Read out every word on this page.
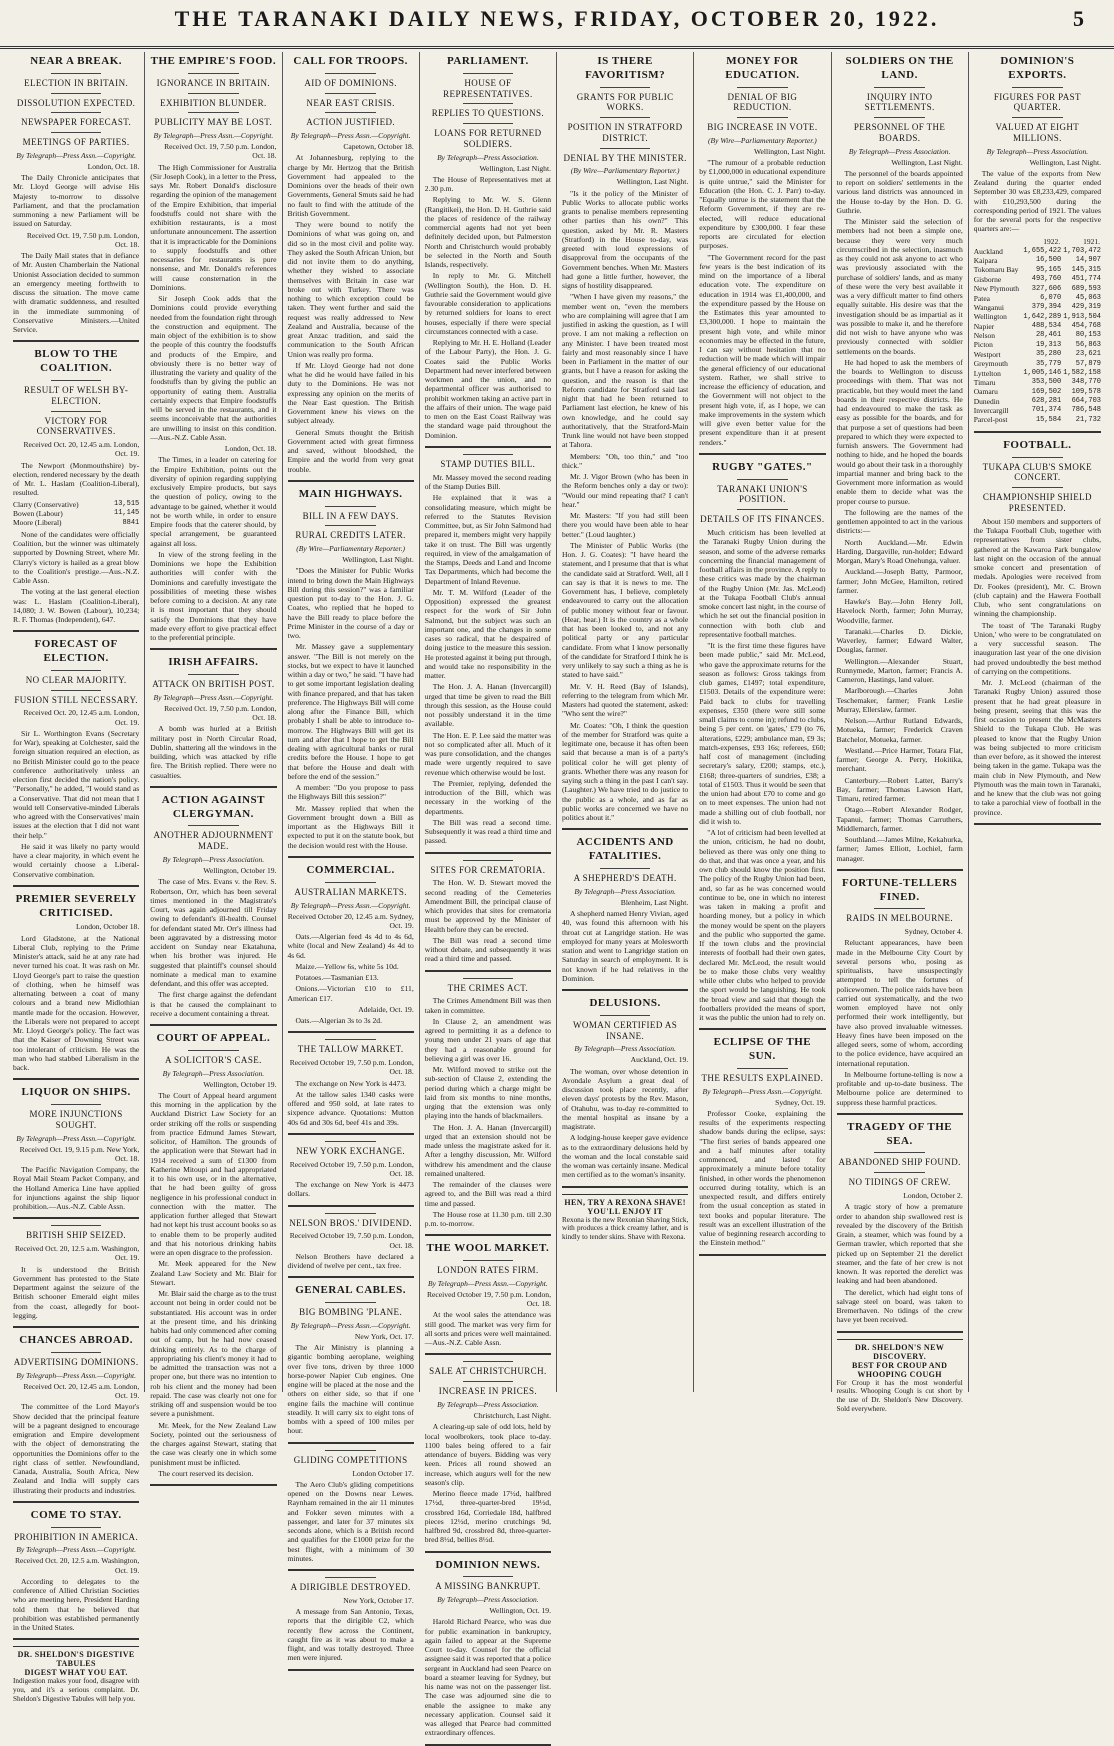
THE TARANAKI DAILY NEWS, FRIDAY, OCTOBER 20, 1922.	5
NEAR A BREAK.
ELECTION IN BRITAIN.
DISSOLUTION EXPECTED.
NEWSPAPER FORECAST.
MEETINGS OF PARTIES.
By Telegraph—Press Assn.—Copyright.

London, Oct. 18.

The Daily Chronicle anticipates that Mr. Lloyd George will advise His Majesty to-morrow to dissolve Parliament, and that the proclamation summoning a new Parliament will be issued on Saturday.

Received Oct. 19, 7.50 p.m. London, Oct. 18.

The Daily Mail states that in defiance of Mr. Austen Chamberlain the National Unionist Association decided to summon an emergency meeting forthwith to discuss the situation. The move came with dramatic suddenness, and resulted in the immediate summoning of Conservative Ministers.—United Service.

BLOW TO THE COALITION.
RESULT OF WELSH BY-ELECTION.
VICTORY FOR CONSERVATIVES.

Received Oct. 20, 12.45 a.m. London, Oct. 19.

The Newport (Monmouthshire) by-election, rendered necessary by the death of Mr. L. Haslam (Coalition-Liberal), resulted.

Clarry (Conservative)	13,515
Bowen (Labour)	11,145
Moore (Liberal)	8841

None of the candidates were officially Coalition, but the winner was ultimately supported by Downing Street, where Mr. Clarry's victory is hailed as a great blow to the Coalition's prestige.—Aus.-N.Z. Cable Assn.

The voting at the last general election was: L. Haslam (Coalition-Liberal), 14,080; J. W. Bowen (Labour), 10,234; R. F. Thomas (Independent), 647.

FORECAST OF ELECTION.
NO CLEAR MAJORITY.
FUSION STILL NECESSARY.

Received Oct. 20, 12.45 a.m. London, Oct. 19.

Sir L. Worthington Evans (Secretary for War), speaking at Colchester, said the foreign situation required an election, as no British Minister could go to the peace conference authoritatively unless an election first decided the nation's policy. "Personally," he added, "I would stand as a Conservative. That did not mean that I would tell Conservative-minded Liberals who agreed with the Conservatives' main issues at the election that I did not want their help."

He said it was likely no party would have a clear majority, in which event he would certainly choose a Liberal-Conservative combination.

PREMIER SEVERELY CRITICISED.

London, October 18.

Lord Gladstone, at the National Liberal Club, replying to the Prime Minister's attack, said he at any rate had never turned his coat. It was rash on Mr. Lloyd George's part to raise the question of clothing, when he himself was alternating between a coat of many colours and a brand new Midlothian mantle made for the occasion. However, the Liberals were not prepared to accept Mr. Lloyd George's policy. The fact was that the Kaiser of Downing Street was too intolerant of criticism. He was the man who had stabbed Liberalism in the back.

LIQUOR ON SHIPS.
MORE INJUNCTIONS SOUGHT.
By Telegraph—Press Assn.—Copyright.

Received Oct. 19, 9.15 p.m. New York, Oct. 18.

The Pacific Navigation Company, the Royal Mail Steam Packet Company, and the Holland America Line have applied for injunctions against the ship liquor prohibition.—Aus.-N.Z. Cable Assn.

BRITISH SHIP SEIZED.

Received Oct. 20, 12.5 a.m. Washington, Oct. 19.

It is understood the British Government has protested to the State Department against the seizure of the British schooner Emerald eight miles from the coast, allegedly for boot-legging.

CHANCES ABROAD.
ADVERTISING DOMINIONS.
By Telegraph—Press Assn.—Copyright.

Received Oct. 20, 12.45 a.m. London, Oct. 19.

The committee of the Lord Mayor's Show decided that the principal feature will be a pageant designed to encourage emigration and Empire development with the object of demonstrating the opportunities the Dominions offer to the right class of settler. Newfoundland, Canada, Australia, South Africa, New Zealand and India will supply cars illustrating their products and industries.

COME TO STAY.
PROHIBITION IN AMERICA.
By Telegraph—Press Assn.—Copyright.

Received Oct. 20, 12.5 a.m. Washington, Oct. 19.

According to delegates to the conference of Allied Christian Societies who are meeting here, President Harding told them that he believed that prohibition was established permanently in the United States.

DR. SHELDON'S DIGESTIVE TABULES
DIGEST WHAT YOU EAT.
Indigestion makes your food, disagree with you, and it's a serious complaint. Dr. Sheldon's Digestive Tabules will help you.
THE EMPIRE'S FOOD.
IGNORANCE IN BRITAIN.
EXHIBITION BLUNDER.
PUBLICITY MAY BE LOST.
By Telegraph—Press Assn.—Copyright.

Received Oct. 19, 7.50 p.m. London, Oct. 18.

The High Commissioner for Australia (Sir Joseph Cook), in a letter to the Press, says Mr. Robert Donald's disclosure regarding the opinion of the management of the Empire Exhibition, that imperial foodstuffs could not share with the exhibition restaurants, is a most unfortunate announcement. The assertion that it is impracticable for the Dominions to supply foodstuffs and other necessaries for restaurants is pure nonsense, and Mr. Donald's references will cause consternation in the Dominions.

Sir Joseph Cook adds that the Dominions could provide everything needed from the foundation right through the construction and equipment. The main object of the exhibition is to show the people of this country the foodstuffs and products of the Empire, and obviously there is no better way of illustrating the variety and quality of the foodstuffs than by giving the public an opportunity of eating them. Australia certainly expects that Empire foodstuffs will be served in the restaurants, and it seems inconceivable that the authorities are unwilling to insist on this condition.—Aus.-N.Z. Cable Assn.

London, Oct. 18.

The Times, in a leader on catering for the Empire Exhibition, points out the diversity of opinion regarding supplying exclusively Empire products, but says the question of policy, owing to the advantage to be gained, whether it would not be worth while, in order to ensure Empire foods that the caterer should, by special arrangement, be guaranteed against all loss.

In view of the strong feeling in the Dominions we hope the Exhibition authorities will confer with the Dominions and carefully investigate the possibilities of meeting these wishes before coming to a decision. At any rate it is most important that they should satisfy the Dominions that they have made every effort to give practical effect to the preferential principle.

IRISH AFFAIRS.
ATTACK ON BRITISH POST.
By Telegraph—Press Assn.—Copyright.

Received Oct. 19, 7.50 p.m. London, Oct. 18.

A bomb was hurled at a British military post in North Circular Road, Dublin, shattering all the windows in the building, which was attacked by rifle fire. The British replied. There were no casualties.

ACTION AGAINST CLERGYMAN.
ANOTHER ADJOURNMENT MADE.
By Telegraph—Press Association.

Wellington, October 19.

The case of Mrs. Evans v. the Rev. S. Robertson, Orr, which has been several times mentioned in the Magistrate's Court, was again adjourned till Friday owing to defendant's ill-health. Counsel for defendant stated Mr. Orr's illness had been aggravated by a distressing motor accident on Sunday near Ekatahuna, when his brother was injured. He suggested that plaintiff's counsel should nominate a medical man to examine defendant, and this offer was accepted.

The first charge against the defendant is that he caused the complainant to receive a document containing a threat.

COURT OF APPEAL.
A SOLICITOR'S CASE.
By Telegraph—Press Association.

Wellington, October 19.

The Court of Appeal heard argument this morning in the application by the Auckland District Law Society for an order striking off the rolls or suspending from practice Edmund James Stewart, solicitor, of Hamilton. The grounds of the application were that Stewart had in 1914 received a sum of £1300 from Katherine Mitoupi and had appropriated it to his own use, or in the alternative, that he had been guilty of gross negligence in his professional conduct in connection with the matter. The application further alleged that Stewart had not kept his trust account books so as to enable them to be properly audited and that his notorious drinking habits were an open disgrace to the profession.

Mr. Meek appeared for the New Zealand Law Society and Mr. Blair for Stewart.

Mr. Blair said the charge as to the trust account not being in order could not be substantiated. His account was in order at the present time, and his drinking habits had only commenced after coming out of camp, but he had now ceased drinking entirely. As to the charge of appropriating his client's money it had to be admitted the transaction was not a proper one, but there was no intention to rob his client and the money had been repaid. The case was clearly not one for striking off and suspension would be too severe a punishment.

Mr. Meek, for the New Zealand Law Society, pointed out the seriousness of the charges against Stewart, stating that the case was clearly one in which some punishment must be inflicted.

The court reserved its decision.

CALL FOR TROOPS.
AID OF DOMINIONS.
NEAR EAST CRISIS.
ACTION JUSTIFIED.
By Telegraph—Press Assn.—Copyright.

Capetown, October 18.

At Johannesburg, replying to the charge by Mr. Hertzog that the British Government had appealed to the Dominions over the heads of their own Governments, General Smuts said he had no fault to find with the attitude of the British Government.

They were bound to notify the Dominions of what was going on, and did so in the most civil and polite way. They asked the South African Union, but did not invite them to do anything, whether they wished to associate themselves with Britain in case war broke out with Turkey. There was nothing to which exception could be taken. They went further and said the request was really addressed to New Zealand and Australia, because of the great Anzac tradition, and said the communication to the South African Union was really pro forma.

If Mr. Lloyd George had not done what he did he would have failed in his duty to the Dominions. He was not expressing any opinion on the merits of the Near East question. The British Government knew his views on the subject already.

General Smuts thought the British Government acted with great firmness and saved, without bloodshed, the Empire and the world from very great trouble.

MAIN HIGHWAYS.
BILL IN A FEW DAYS.
RURAL CREDITS LATER.
(By Wire—Parliamentary Reporter.)

Wellington, Last Night.

"Does the Minister for Public Works intend to bring down the Main Highways Bill during this session?" was a familiar question put to-day to the Hon. J. G. Coates, who replied that he hoped to have the Bill ready to place before the Prime Minister in the course of a day or two.

Mr. Massey gave a supplementary answer. "The Bill is not merely on the stocks, but we expect to have it launched within a day or two," he said. "I have had to get some important legislation dealing with finance prepared, and that has taken preference. The Highways Bill will come along after the Finance Bill, which probably I shall be able to introduce to-morrow. The Highways Bill will get its turn and after that I hope to get the Bill dealing with agricultural banks or rural credits before the House. I hope to get that before the House and dealt with before the end of the session."

A member: "Do you propose to pass the Highways Bill this session?"

Mr. Massey replied that when the Government brought down a Bill as important as the Highways Bill it expected to put it on the statute book, but the decision would rest with the House.

COMMERCIAL.
AUSTRALIAN MARKETS.
By Telegraph—Press Assn.—Copyright.

Received October 20, 12.45 a.m. Sydney, Oct. 19.

Oats.—Algerian feed 4s 4d to 4s 6d, white (local and New Zealand) 4s 4d to 4s 6d.

Maize.—Yellow 6s, white 5s 10d.

Potatoes.—Tasmanian £13.

Onions.—Victorian £10 to £11, American £17.

Adelaide, Oct. 19.

Oats.—Algerian 3s to 3s 2d.

THE TALLOW MARKET.

Received October 19, 7.50 p.m. London, Oct. 18.

The exchange on New York is 4473.

At the tallow sales 1340 casks were offered and 950 sold, at late rates to sixpence advance. Quotations: Mutton 40s 6d and 30s 6d, beef 41s and 39s.

NEW YORK EXCHANGE.

Received October 19, 7.50 p.m. London, Oct. 18.

The exchange on New York is 4473 dollars.

NELSON BROS.' DIVIDEND.

Received October 19, 7.50 p.m. London, Oct. 18.

Nelson Brothers have declared a dividend of twelve per cent., tax free.

GENERAL CABLES.
BIG BOMBING 'PLANE.
By Telegraph—Press Assn.—Copyright.

New York, Oct. 17.

The Air Ministry is planning a gigantic bombing aeroplane, weighing over five tons, driven by three 1000 horse-power Napier Cub engines. One engine will be placed at the nose and the others on either side, so that if one engine fails the machine will continue steadily. It will carry six to eight tons of bombs with a speed of 100 miles per hour.

GLIDING COMPETITIONS

London October 17.

The Aero Club's gliding competitions opened on the Downs near Lewes. Raynham remained in the air 11 minutes and Fokker seven minutes with a passenger, and later for 37 minutes six seconds alone, which is a British record and qualifies for the £1000 prize for the best flight, with a minimum of 30 minutes.

A DIRIGIBLE DESTROYED.

New York, October 17.

A message from San Antonio, Texas, reports that the dirigible C2, which recently flew across the Continent, caught fire as it was about to make a flight, and was totally destroyed. Three men were injured.

PARLIAMENT.
HOUSE OF REPRESENTATIVES.
REPLIES TO QUESTIONS.
LOANS FOR RETURNED SOLDIERS.
By Telegraph—Press Association.

Wellington, Last Night.

The House of Representatives met at 2.30 p.m.

Replying to Mr. W. S. Glenn (Rangitikei), the Hon. D. H. Guthrie said the places of residence of the railway commercial agents had not yet been definitely decided upon, but Palmerston North and Christchurch would probably be selected in the North and South Islands, respectively.

In reply to Mr. G. Mitchell (Wellington South), the Hon. D. H. Guthrie said the Government would give favourable consideration to applications by returned soldiers for loans to erect houses, especially if there were special circumstances connected with a case.

Replying to Mr. H. E. Holland (Leader of the Labour Party), the Hon. J. G. Coates said the Public Works Department had never interfered between workmen and the union, and no departmental officer was authorised to prohibit workmen taking an active part in the affairs of their union. The wage paid to men on the East Coast Railway was the standard wage paid throughout the Dominion.

STAMP DUTIES BILL.

Mr. Massey moved the second reading of the Stamp Duties Bill.

He explained that it was a consolidating measure, which might be referred to the Statutes Revision Committee, but, as Sir John Salmond had prepared it, members might very happily take it on trust. The Bill was urgently required, in view of the amalgamation of the Stamps, Deeds and Land and Income Tax Departments, which had become the Department of Inland Revenue.

Mr. T. M. Wilford (Leader of the Opposition) expressed the greatest respect for the work of Sir John Salmond, but the subject was such an important one, and the changes in some cases so radical, that he despaired of doing justice to the measure this session. He protested against it being put through, and would take no responsibility in the matter.

The Hon. J. A. Hanan (Invercargill) urged that time be given to read the Bill through this session, as the House could not possibly understand it in the time available.

The Hon. E. P. Lee said the matter was not so complicated after all. Much of it was pure consolidation, and the changes made were urgently required to save revenue which otherwise would be lost.

The Premier, replying, defended the introduction of the Bill, which was necessary in the working of the departments.

The Bill was read a second time. Subsequently it was read a third time and passed.

SITES FOR CREMATORIA.

The Hon. W. D. Stewart moved the second reading of the Cemeteries Amendment Bill, the principal clause of which provides that sites for crematoria must be approved by the Minister of Health before they can be erected.

The Bill was read a second time without debate, and subsequently it was read a third time and passed.

THE CRIMES ACT.

The Crimes Amendment Bill was then taken in committee.

In Clause 2, an amendment was agreed to permitting it as a defence to young men under 21 years of age that they had a reasonable ground for believing a girl was over 16.

Mr. Wilford moved to strike out the sub-section of Clause 2, extending the period during which a charge might be laid from six months to nine months, urging that the extension was only playing into the hands of blackmailers.

The Hon. J. A. Hanan (Invercargill) urged that an extension should not be made unless the magistrate asked for it. After a lengthy discussion, Mr. Wilford withdrew his amendment and the clause remained unaltered.

The remainder of the clauses were agreed to, and the Bill was read a third time and passed.

The House rose at 11.30 p.m. till 2.30 p.m. to-morrow.

THE WOOL MARKET.
LONDON RATES FIRM.
By Telegraph—Press Assn.—Copyright.

Received October 19, 7.50 p.m. London, Oct. 18.

At the wool sales the attendance was still good. The market was very firm for all sorts and prices were well maintained.—Aus.-N.Z. Cable Assn.

SALE AT CHRISTCHURCH.
INCREASE IN PRICES.
By Telegraph—Press Association.

Christchurch, Last Night.

A clearing-up sale of odd lots, held by local woolbrokers, took place to-day. 1100 bales being offered to a fair attendance of buyers. Bidding was very keen. Prices all round showed an increase, which augurs well for the new season's clip.

Merino fleece made 17½d, halfbred 17½d, three-quarter-bred 19½d, crossbred 16d, Corriedale 18d, halfbred pieces 12½d, merino crutchings 9d, halfbred 9d, crossbred 8d, three-quarter-bred 8½d, bellies 8½d.

DOMINION NEWS.
A MISSING BANKRUPT.
By Telegraph—Press Association.

Wellington, Oct. 19.

Harold Richard Pearce, who was due for public examination in bankruptcy, again failed to appear at the Supreme Court to-day. Counsel for the official assignee said it was reported that a police sergeant in Auckland had seen Pearce on board a steamer leaving for Sydney, but his name was not on the passenger list. The case was adjourned sine die to enable the assignee to make any necessary application. Counsel said it was alleged that Pearce had committed extraordinary offences.

IS THERE FAVORITISM?
GRANTS FOR PUBLIC WORKS.
POSITION IN STRATFORD DISTRICT.
DENIAL BY THE MINISTER.
(By Wire—Parliamentary Reporter.)

Wellington, Last Night.

"Is it the policy of the Minister of Public Works to allocate public works grants to penalise members representing other parties than his own?" This question, asked by Mr. R. Masters (Stratford) in the House to-day, was greeted with loud expressions of disapproval from the occupants of the Government benches. When Mr. Masters had gone a little further, however, the signs of hostility disappeared.

"When I have given my reasons," the member went on, "even the members who are complaining will agree that I am justified in asking the question, as I will prove. I am not making a reflection on any Minister. I have been treated most fairly and most reasonably since I have been in Parliament in the matter of our grants, but I have a reason for asking the question, and the reason is that the Reform candidate for Stratford said last night that had he been returned to Parliament last election, he knew of his own knowledge, and he could say authoritatively, that the Stratford-Main Trunk line would not have been stopped at Tahora.

Members: "Oh, too thin," and "too thick."

Mr. J. Vigor Brown (who has been in the Reform benches only a day or two): "Would our mind repeating that? I can't hear."

Mr. Masters: "If you had still been there you would have been able to hear better." (Loud laughter.)

The Minister of Public Works (the Hon. J. G. Coates): "I have heard the statement, and I presume that that is what the candidate said at Stratford. Well, all I can say is that it is news to me. The Government has, I believe, completely endeavoured to carry out the allocation of public money without fear or favour. (Hear, hear.) It is the country as a whole that has been looked to, and not any political party or any particular candidate. From what I know personally of the candidate for Stratford I think he is very unlikely to say such a thing as he is stated to have said."

Mr. V. H. Reed (Bay of Islands), referring to the telegram from which Mr. Masters had quoted the statement, asked: "Who sent the wire?"

Mr. Coates: "Oh, I think the question of the member for Stratford was quite a legitimate one, because it has often been said that because a man is of a party's political color he will get plenty of grants. Whether there was any reason for saying such a thing in the past I can't say. (Laughter.) We have tried to do justice to the public as a whole, and as far as public works are concerned we have no politics about it."

ACCIDENTS AND FATALITIES.
A SHEPHERD'S DEATH.
By Telegraph—Press Association.

Blenheim, Last Night.

A shepherd named Henry Vivian, aged 40, was found this afternoon with his throat cut at Langridge station. He was employed for many years at Molesworth station and went to Langridge station on Saturday in search of employment. It is not known if he had relatives in the Dominion.

DELUSIONS.
WOMAN CERTIFIED AS INSANE.
By Telegraph—Press Association.

Auckland, Oct. 19.

The woman, over whose detention in Avondale Asylum a great deal of discussion took place recently, after eleven days' protests by the Rev. Mason, of Otahuhu, was to-day re-committed to the mental hospital as insane by a magistrate.

A lodging-house keeper gave evidence as to the extraordinary delusions held by the woman and the local constable said the woman was certainly insane. Medical men certified as to the woman's insanity.

HEN, TRY A REXONA SHAVE!
YOU'LL ENJOY IT
Rexona is the new Rexonian Shaving Stick, with produces a thick creamy lather, and is kindly to tender skins. Shave with Rexona.
MONEY FOR EDUCATION.
DENIAL OF BIG REDUCTION.
BIG INCREASE IN VOTE.
(By Wire—Parliamentary Reporter.)

Wellington, Last Night.

"The rumour of a probable reduction by £1,000,000 in educational expenditure is quite untrue," said the Minister for Education (the Hon. C. J. Parr) to-day. "Equally untrue is the statement that the Reform Government, if they are re-elected, will reduce educational expenditure by £300,000. I fear these reports are circulated for election purposes.

"The Government record for the past few years is the best indication of its mind on the importance of a liberal education vote. The expenditure on education in 1914 was £1,400,000, and the expenditure passed by the House on the Estimates this year amounted to £3,300,000. I hope to maintain the present high vote, and while minor economies may be effected in the future, I can say without hesitation that no reduction will be made which will impair the general efficiency of our educational system. Rather, we shall strive to increase the efficiency of education, and the Government will not object to the present high vote, if, as I hope, we can make improvements in the system which will give even better value for the present expenditure than it at present renders."

RUGBY "GATES."
TARANAKI UNION'S POSITION.
DETAILS OF ITS FINANCES.

Much criticism has been levelled at the Taranaki Rugby Union during the season, and some of the adverse remarks concerning the financial management of football affairs in the province. A reply to these critics was made by the chairman of the Rugby Union (Mr. Jas. McLeod) at the Tukapa Football Club's annual smoke concert last night, in the course of which he set out the financial position in connection with both club and representative football matches.

"It is the first time these figures have been made public," said Mr. McLeod, who gave the approximate returns for the season as follows: Gross takings from club games, £1497; total expenditure, £1503. Details of the expenditure were: Paid back to clubs for travelling expenses, £350 (there were still some small claims to come in); refund to clubs, being 5 per cent. on 'gates,' £79 (to 76, alterations, £229; ambulance man, £9 3s; match-expenses, £93 16s; referees, £60; half cost of management (including secretary's salary, £200; stamps, etc.), £168; three-quarters of sundries, £38; a total of £1503. Thus it would be seen that the union had about £70 to come and go on to meet expenses. The union had not made a shilling out of club football, nor did it wish to.

"A lot of criticism had been levelled at the union, criticism, he had no doubt, believed as there was only one thing to do that, and that was once a year, and his own club should know the position first. The policy of the Rugby Union had been, and, so far as he was concerned would continue to be, one in which no interest was taken in making a profit and hoarding money, but a policy in which the money would be spent on the players and the public who supported the game. If the town clubs and the provincial interests of football had their own gates, declared Mr. McLeod, the result would be to make those clubs very wealthy while other clubs who helped to provide the sport would be languishing. He took the broad view and said that though the footballers provided the means of sport, it was the public the union had to rely on.

ECLIPSE OF THE SUN.
THE RESULTS EXPLAINED.
By Telegraph—Press Assn.—Copyright.

Sydney, Oct. 19.

Professor Cooke, explaining the results of the experiments respecting shadow bands during the eclipse, says: "The first series of bands appeared one and a half minutes after totality commenced, and lasted for approximately a minute before totality finished, in other words the phenomenon occurred during totality, which is an unexpected result, and differs entirely from the usual conception as stated in text books and popular literature. The result was an excellent illustration of the value of beginning research according to the Einstein method."

SOLDIERS ON THE LAND.
INQUIRY INTO SETTLEMENTS.
PERSONNEL OF THE BOARDS.
By Telegraph—Press Association.

Wellington, Last Night.

The personnel of the boards appointed to report on soldiers' settlements in the various land districts was announced in the House to-day by the Hon. D. G. Guthrie.

The Minister said the selection of members had not been a simple one, because they were very much circumscribed in the selection, inasmuch as they could not ask anyone to act who was previously associated with the purchase of soldiers' lands, and as many of these were the very best available it was a very difficult matter to find others equally suitable. His desire was that the investigation should be as impartial as it was possible to make it, and he therefore did not wish to have anyone who was previously connected with soldier settlements on the boards.

He had hoped to ask the members of the boards to Wellington to discuss proceedings with them. That was not practicable, but they would meet the land boards in their respective districts. He had endeavoured to make the task as easy as possible for the boards, and for that purpose a set of questions had been prepared to which they were expected to furnish answers. The Government had nothing to hide, and he hoped the boards would go about their task in a thoroughly impartial manner and bring back to the Government more information as would enable them to decide what was the proper course to pursue.

The following are the names of the gentlemen appointed to act in the various districts:—

North Auckland.—Mr. Edwin Harding, Dargaville, run-holder; Edward Morgan, Mary's Road Onehunga, valuer.

Auckland.—Joseph Batty, Parmoor, farmer; John McGee, Hamilton, retired farmer.

Hawke's Bay.—John Henry Joll, Havelock North, farmer; John Murray, Woodville, farmer.

Taranaki.—Charles D. Dickie, Waverley, farmer; Edward Walter, Douglas, farmer.

Wellington.—Alexander Stuart, Runnymede, Marton, farmer; Francis A. Cameron, Hastings, land valuer.

Marlborough.—Charles John Teschemaker, farmer; Frank Leslie Murray, Ellerslaw, farmer.

Nelson.—Arthur Rutland Edwards, Motueka, farmer; Frederick Craven Batchelor, Motueka, farmer.

Westland.—Price Harmer, Totara Flat, farmer; George A. Perry, Hokitika, merchant.

Canterbury.—Robert Latter, Barry's Bay, farmer; Thomas Lawson Hart, Timaru, retired farmer.

Otago.—Robert Alexander Rodger, Tapanui, farmer; Thomas Carruthers, Middlemarch, farmer.

Southland.—James Milne, Kekahurka, farmer; James Elliott, Lochiel, farm manager.

FORTUNE-TELLERS FINED.
RAIDS IN MELBOURNE.

Sydney, October 4.

Reluctant appearances, have been made in the Melbourne City Court by several persons who, posing as spiritualists, have unsuspectingly attempted to tell the fortunes of policewomen. The police raids have been carried out systematically, and the two women employed have not only performed their work intelligently, but have also proved invaluable witnesses. Heavy fines have been imposed on the alleged seers, some of whom, according to the police evidence, have acquired an international reputation.

In Melbourne fortune-telling is now a profitable and up-to-date business. The Melbourne police are determined to suppress these harmful practices.

TRAGEDY OF THE SEA.
ABANDONED SHIP FOUND.
NO TIDINGS OF CREW.

London, October 2.

A tragic story of how a premature order to abandon ship swallowed rest is revealed by the discovery of the British Grain, a steamer, which was found by a German trawler, which reported that she picked up on September 21 the derelict steamer, and the fate of her crew is not known. It was reported the derelict was leaking and had been abandoned.

The derelict, which had eight tons of salvage steel on board, was taken to Bremerhaven. No tidings of the crew have yet been received.

DR. SHELDON'S NEW DISCOVERY.
BEST FOR CROUP AND WHOOPING COUGH
For Croup it has the most wonderful results. Whooping Cough is cut short by the use of Dr. Sheldon's New Discovery. Sold everywhere.
DOMINION'S EXPORTS.
FIGURES FOR PAST QUARTER.
VALUED AT EIGHT MILLIONS.
By Telegraph—Press Association.

Wellington, Last Night.

The value of the exports from New Zealand during the quarter ended September 30 was £8,233,429, compared with £10,293,500 during the corresponding period of 1921. The values for the several ports for the respective quarters are:—

	1922.	1921.
Auckland	1,655,422	1,703,472
Kaipara	16,500	14,907
Tokomaru Bay	95,165	145,315
Gisborne	493,760	451,774
New Plymouth	327,606	689,593
Patea	6,070	45,063
Wanganui	379,394	429,319
Wellington	1,642,289	1,913,504
Napier	488,534	454,768
Nelson	28,461	80,153
Picton	19,313	56,863
Westport	35,280	23,621
Greymouth	35,779	57,879
Lyttelton	1,005,146	1,582,158
Timaru	353,500	348,770
Oamaru	169,502	109,578
Dunedin	628,281	664,703
Invercargill	701,374	786,548
Parcel-post	15,584	21,732
FOOTBALL.
TUKAPA CLUB'S SMOKE CONCERT.
CHAMPIONSHIP SHIELD PRESENTED.

About 150 members and supporters of the Tukapa Football Club, together with representatives from sister clubs, gathered at the Kawaroa Park bungalow last night on the occasion of the annual smoke concert and presentation of medals. Apologies were received from Dr. Fookes (president), Mr. C. Brown (club captain) and the Hawera Football Club, who sent congratulations on winning the championship.

The toast of 'The Taranaki Rugby Union,' who were to be congratulated on a very successful season. The inauguration last year of the one division had proved undoubtedly the best method of carrying on the competitions.

Mr. J. McLeod (chairman of the Taranaki Rugby Union) assured those present that he had great pleasure in being present, seeing that this was the first occasion to present the McMasters Shield to the Tukapa Club. He was pleased to know that the Rugby Union was being subjected to more criticism than ever before, as it showed the interest being taken in the game. Tukapa was the main club in New Plymouth, and New Plymouth was the main town in Taranaki, and he knew that the club was not going to take a parochial view of football in the province.
